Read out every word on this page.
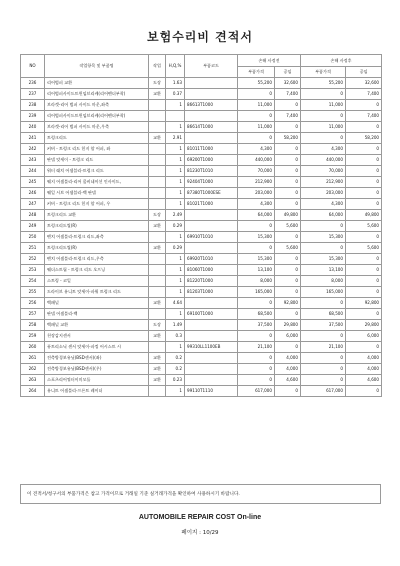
보험수리비 견적서
NO	작업항목 및 부품명	작업	H,Q,%	부품코드	손해 사정전		손해 사정후	
					부품가격	공임	부품가격	공임
236	리어범퍼 교환	도장	1.63		55,200	32,600	55,200	32,600
237	리어범퍼사이드트윈임브리케(리어펜더부착)	교환	0.37		0	7,400	0	7,400
238	브라켓-리어 범퍼 사이드 마운,좌측		1	86613T1000	11,000	0	11,000	0
239	리어범퍼사이드트윈임브리케(리어펜더부착)				0	7,400	0	7,400
240	브라켓-리어 범퍼 사이드 마운,우측		1	86614T1000	11,000	0	11,000	0
241	트렁크리드	교환	2.91		0	58,200	0	58,200
242	커버 - 트렁크 리드 힌지 암 어퍼, 좌		1	81011T1000	4,300	0	4,300	0
243	판넬 앗세이 - 트렁크 리드		1	69200T1000	440,000	0	440,000	0
244	워터 래치 어셈블리-트렁크 리드		1	81230T1010	70,000	0	70,000	0
245	웨지 어셈블리-리어 콤비네이션 인사이드,		1	92404T1000	212,900	0	212,900	0
246	웨일 시브 어셈블리-백 판넬		1	87380T1000ESE	203,000	0	203,000	0
247	커버 - 트렁크 리드 힌지 암 어퍼, 우		1	81021T1000	4,300	0	4,300	0
248	트렁크리드 교환	도장	2.49		64,000	49,800	64,000	49,800
249	트렁크리드씰(R)	교환	0.29		0	5,600	0	5,600
250	펜치 어셈블리-트렁크 리드,좌측		1	69910T1010	15,300	0	15,300	0
251	트렁크리드씰(R)	교환	0.29		0	5,600	0	5,600
252	펜치 어셈블리-트렁크 리드,우측		1	69920T1010	15,300	0	15,300	0
253	웨더스트립 - 트렁크 리드 오프닝		1	81060T1000	13,100	0	13,100	0
254	스트링 - 코일		1	81220T1000	8,000	0	8,000	0
255	드라이브 유니트 앗세이-파워 트렁크 리드		1	81203T1000	165,000	0	165,000	0
256	백패널	교환	4.64		0	92,800	0	92,800
257	판넬 어셈블리-백		1	69100T1000	68,500	0	68,500	0
258	백패널 교환	도장	1.49		37,500	29,800	37,500	29,800
259	천장감지센서	교환	0.3		0	6,000	0	6,000
260	퓨트리소닉 센서 앗세이-파킹 어시스트 시		1	99310LL1100EB	21,100	0	21,100	0
261	전측방경보유닛(BSD센서)(좌)	교환	0.2		0	4,000	0	4,000
262	전측방경보유닛(BSD센서)(우)	교환	0.2		0	4,000	0	4,000
263	스포츠리어쿼터이미모듈	교환	0.23		0	4,600	0	4,600
264	유니트 어셈블리-프론트 레이더		1	99110T1110	617,000	0	617,000	0
이 견적서/청구서의 부품가격은 참고 가격이므로 거래일 기준 실거래가격을 확인하여 사용하시기 바랍니다.
AUTOMOBILE REPAIR COST On-line
페이지 : 10/29
